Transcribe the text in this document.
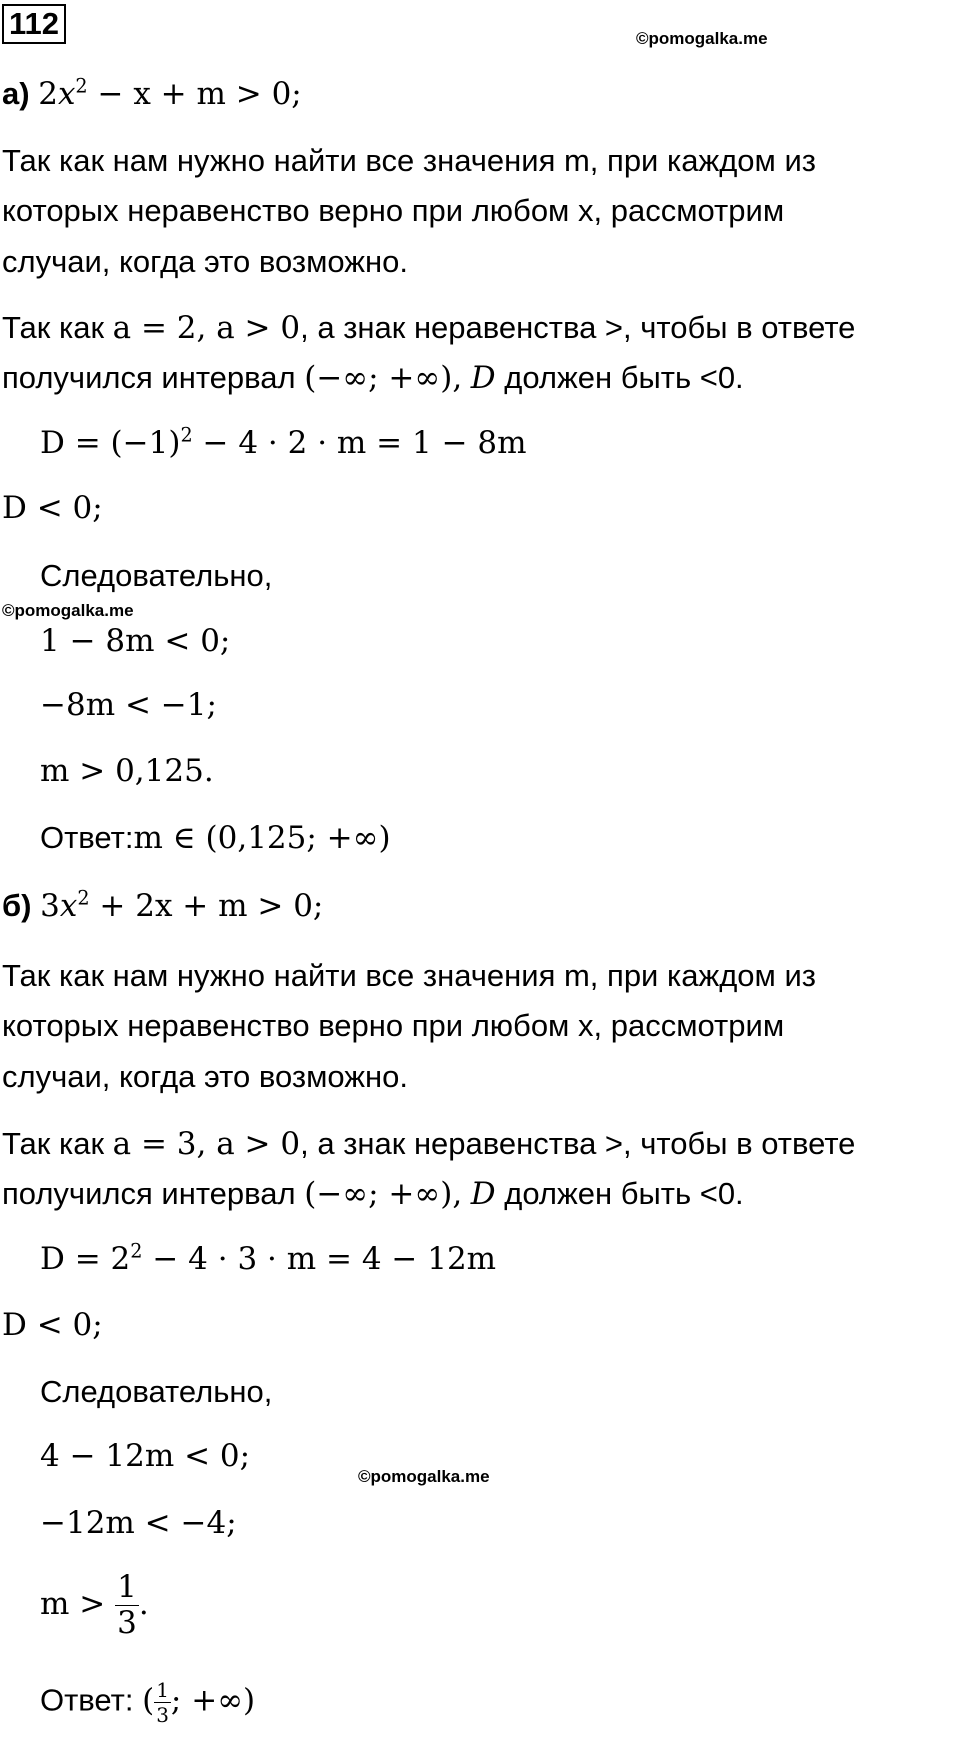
112	©pomogalka.me
а) $2x^2 - x + m > 0$;
Так как нам нужно найти все значения m, при каждом из
которых неравенство верно при любом x, рассмотрим
случаи, когда это возможно.
Так как a = 2, a > 0, а знак неравенства >, чтобы в ответе
получился интервал (−∞; +∞), D должен быть <0.
$D = (-1)^2 - 4 \cdot 2 \cdot m = 1 - 8m$
D < 0;
Следовательно,
©pomogalka.me
1 − 8m < 0;
−8m < −1;
m > 0,125.
Ответ:m ∈ (0,125; +∞)
б) $3x^2 + 2x + m > 0$;
Так как нам нужно найти все значения m, при каждом из
которых неравенство верно при любом x, рассмотрим
случаи, когда это возможно.
Так как a = 3, a > 0, а знак неравенства >, чтобы в ответе
получился интервал (−∞; +∞), D должен быть <0.
$D = 2^2 - 4 \cdot 3 \cdot m = 4 - 12m$
D < 0;
Следовательно,
4 − 12m < 0;
©pomogalka.me
−12m < −4;
$m > \frac{1}{3}$ .
Ответ: ( $\frac{1}{3}$ ; +∞)
